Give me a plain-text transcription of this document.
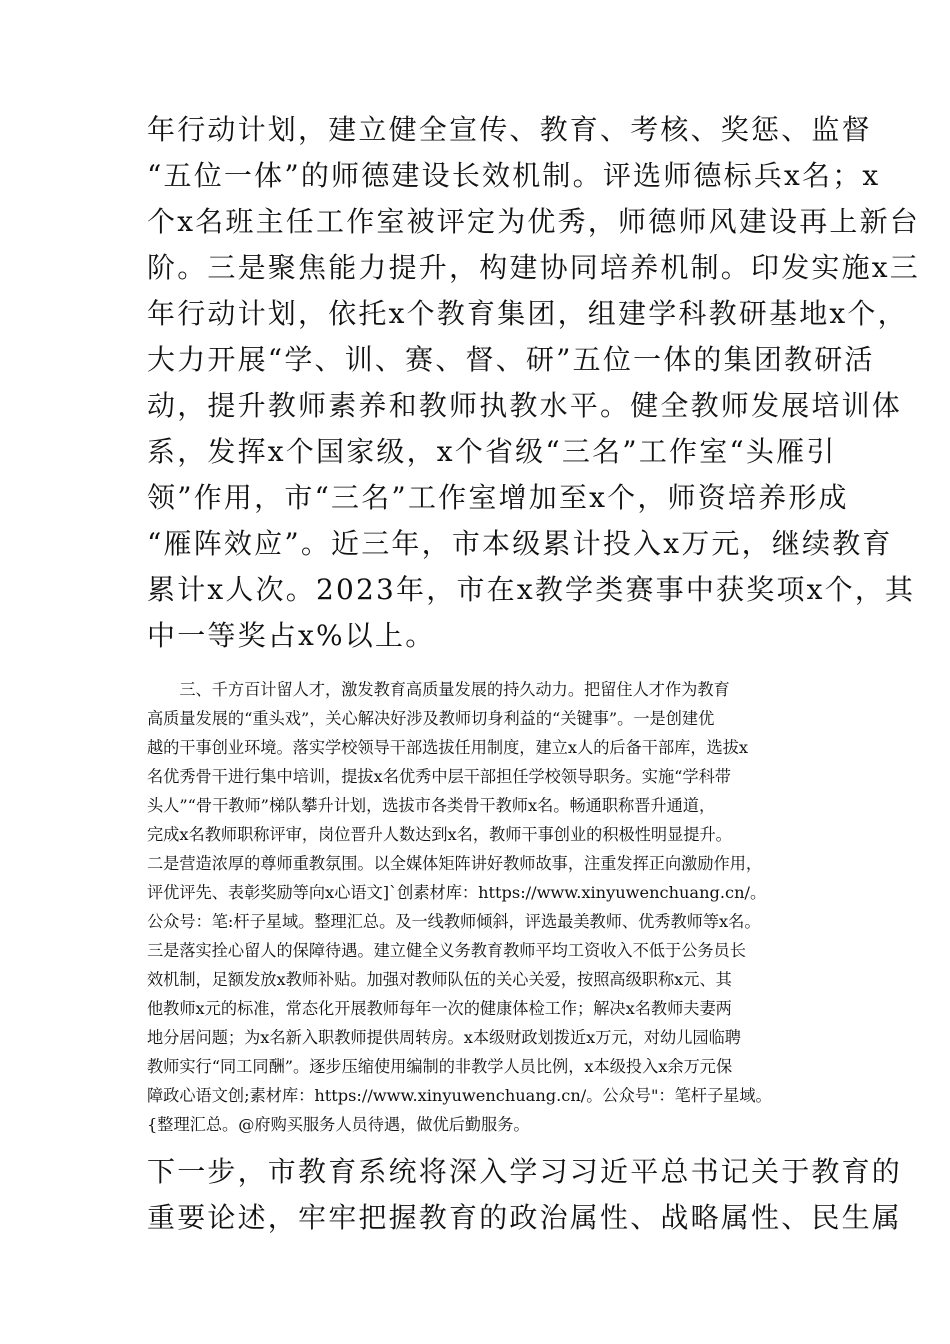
年行动计划，建立健全宣传、教育、考核、奖惩、监督
“五位一体”的师德建设长效机制。评选师德标兵x名；x
个x名班主任工作室被评定为优秀，师德师风建设再上新台
阶。三是聚焦能力提升，构建协同培养机制。印发实施x三
年行动计划，依托x个教育集团，组建学科教研基地x个，
大力开展“学、训、赛、督、研”五位一体的集团教研活
动，提升教师素养和教师执教水平。健全教师发展培训体
系，发挥x个国家级，x个省级“三名”工作室“头雁引
领”作用，市“三名”工作室增加至x个，师资培养形成
“雁阵效应”。近三年，市本级累计投入x万元，继续教育
累计x人次。2023年，市在x教学类赛事中获奖项x个，其
中一等奖占x%以上。
　　三、千方百计留人才，激发教育高质量发展的持久动力。把留住人才作为教育
高质量发展的“重头戏”，关心解决好涉及教师切身利益的“关键事”。一是创建优
越的干事创业环境。落实学校领导干部选拔任用制度，建立x人的后备干部库，选拔x
名优秀骨干进行集中培训，提拔x名优秀中层干部担任学校领导职务。实施“学科带
头人”“骨干教师”梯队攀升计划，选拔市各类骨干教师x名。畅通职称晋升通道，
完成x名教师职称评审，岗位晋升人数达到x名，教师干事创业的积极性明显提升。
二是营造浓厚的尊师重教氛围。以全媒体矩阵讲好教师故事，注重发挥正向激励作用，
评优评先、表彰奖励等向x心语文]`创素材库：https://www.xinyuwenchuang.cn/。
公众号：笔:杆子星域。整理汇总。及一线教师倾斜，评选最美教师、优秀教师等x名。
三是落实拴心留人的保障待遇。建立健全义务教育教师平均工资收入不低于公务员长
效机制，足额发放x教师补贴。加强对教师队伍的关心关爱，按照高级职称x元、其
他教师x元的标准，常态化开展教师每年一次的健康体检工作；解决x名教师夫妻两
地分居问题；为x名新入职教师提供周转房。x本级财政划拨近x万元，对幼儿园临聘
教师实行“同工同酬”。逐步压缩使用编制的非教学人员比例，x本级投入x余万元保
障政心语文创;素材库：https://www.xinyuwenchuang.cn/。公众号"：笔杆子星域。
{整理汇总。@府购买服务人员待遇，做优后勤服务。
下一步，市教育系统将深入学习习近平总书记关于教育的
重要论述，牢牢把握教育的政治属性、战略属性、民生属
